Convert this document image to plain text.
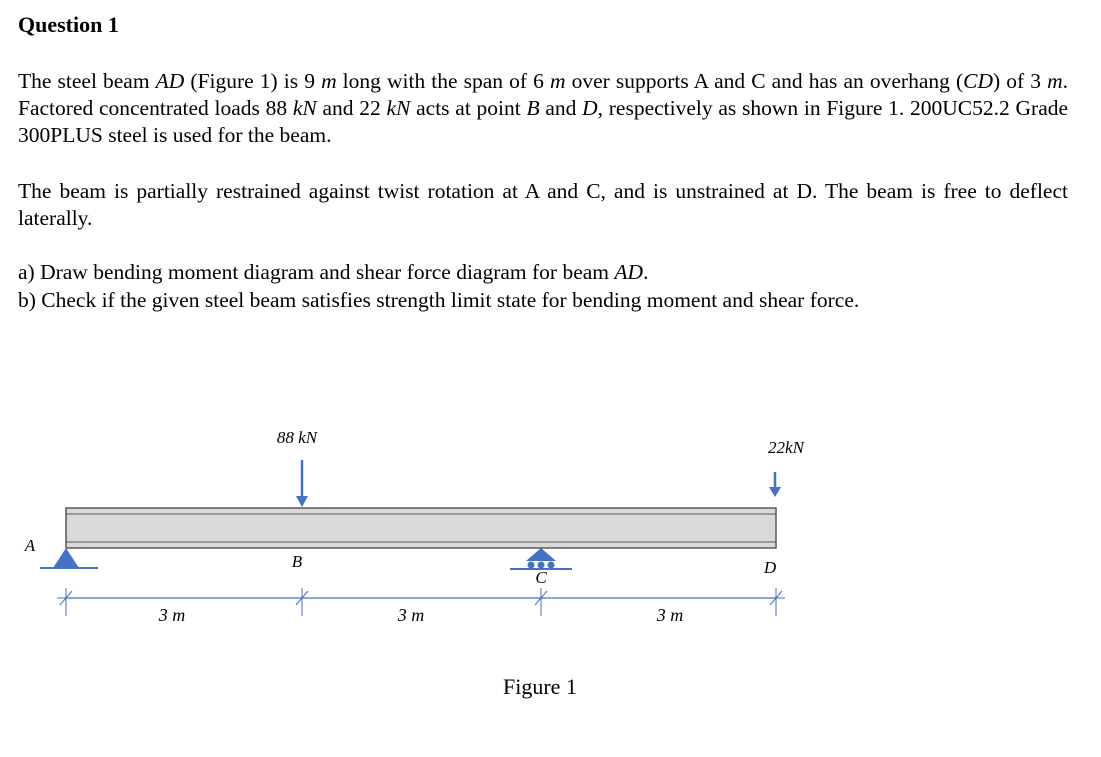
Question 1

The steel beam AD (Figure 1) is 9 m long with the span of 6 m over supports A and C and has an overhang (CD) of 3 m. Factored concentrated loads 88 kN and 22 kN acts at point B and D, respectively as shown in Figure 1. 200UC52.2 Grade 300PLUS steel is used for the beam.

The beam is partially restrained against twist rotation at A and C, and is unstrained at D. The beam is free to deflect laterally.

a) Draw bending moment diagram and shear force diagram for beam AD.

b) Check if the given steel beam satisfies strength limit state for bending moment and shear force.

88 kN
22kN
A
B
C
D
3 m	3 m	3 m
Figure 1
